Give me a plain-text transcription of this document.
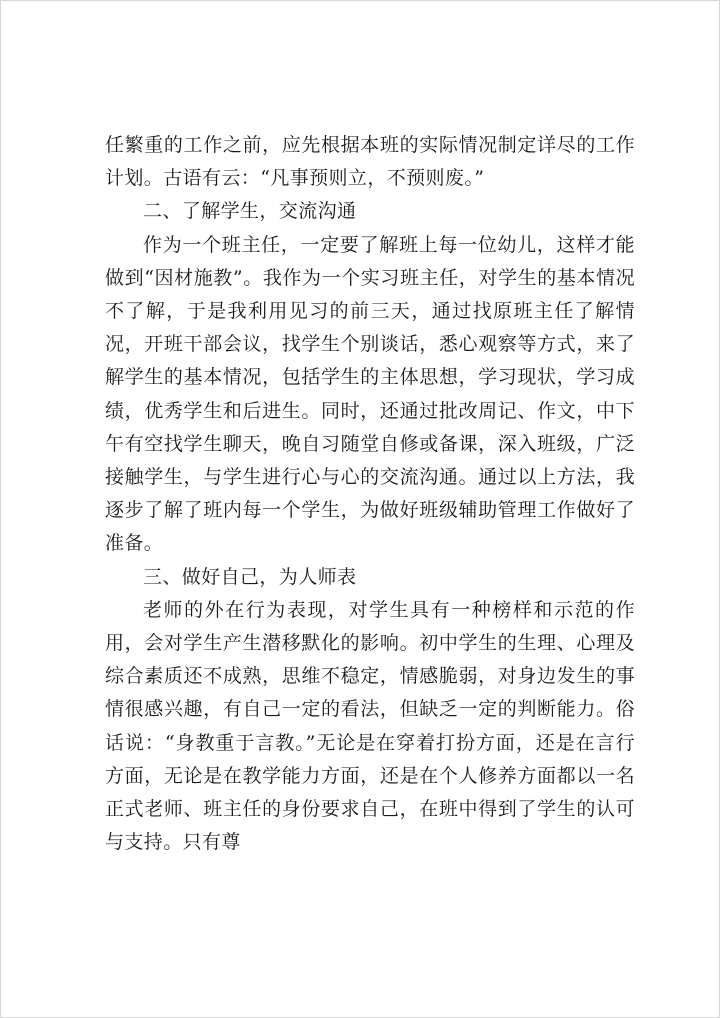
任繁重的工作之前，应先根据本班的实际情况制定详尽的工作计划。古语有云：“凡事预则立，不预则废。”

二、了解学生，交流沟通

作为一个班主任，一定要了解班上每一位幼儿，这样才能做到“因材施教”。我作为一个实习班主任，对学生的基本情况不了解，于是我利用见习的前三天，通过找原班主任了解情况，开班干部会议，找学生个别谈话，悉心观察等方式，来了解学生的基本情况，包括学生的主体思想，学习现状，学习成绩，优秀学生和后进生。同时，还通过批改周记、作文，中下午有空找学生聊天，晚自习随堂自修或备课，深入班级，广泛接触学生，与学生进行心与心的交流沟通。通过以上方法，我逐步了解了班内每一个学生，为做好班级辅助管理工作做好了准备。

三、做好自己，为人师表

老师的外在行为表现，对学生具有一种榜样和示范的作用，会对学生产生潜移默化的影响。初中学生的生理、心理及综合素质还不成熟，思维不稳定，情感脆弱，对身边发生的事情很感兴趣，有自己一定的看法，但缺乏一定的判断能力。俗话说：“身教重于言教。”无论是在穿着打扮方面，还是在言行方面，无论是在教学能力方面，还是在个人修养方面都以一名正式老师、班主任的身份要求自己，在班中得到了学生的认可与支持。只有尊
